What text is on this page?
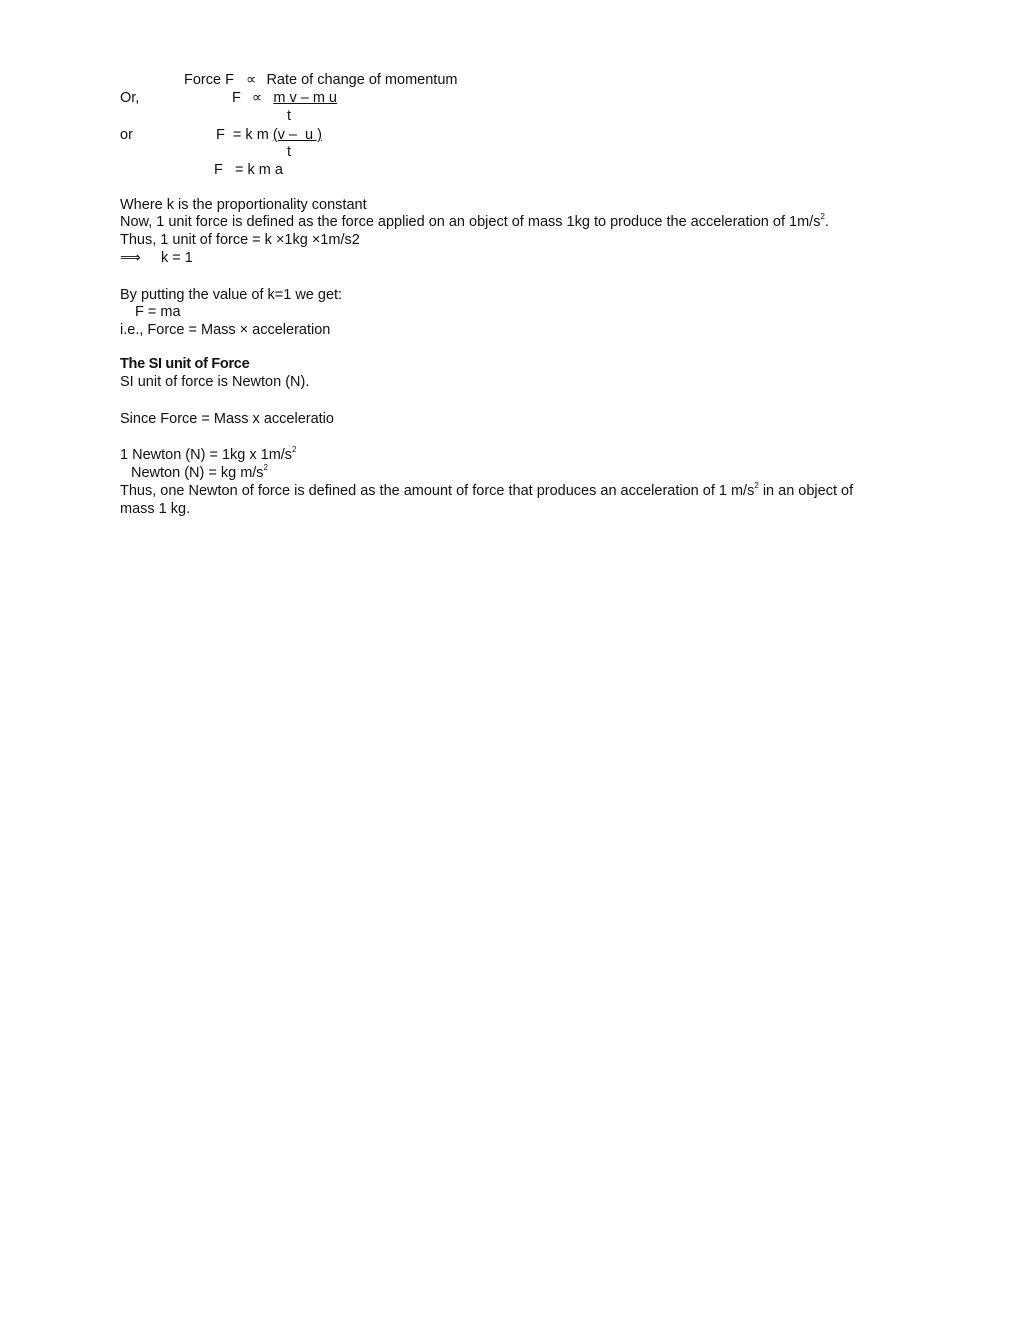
Force F ∝ Rate of change of momentum
Or,	F ∝ m v – m u
t
or	F  = k m (v –  u )
t
F   = k m a
Where k is the proportionality constant
Now, 1 unit force is defined as the force applied on an object of mass 1kg to produce the acceleration of $1m/s^2$.
Thus, 1 unit of force = k ×1kg ×1m/s2
⟹ k = 1
By putting the value of k=1 we get:
F = ma
i.e., Force = Mass × acceleration
The SI unit of Force
SI unit of force is Newton (N).
Since Force = Mass x acceleratio
1 Newton (N) = 1kg x $1m/s^2$
Newton (N) = kg $m/s^2$
Thus, one Newton of force is defined as the amount of force that produces an acceleration of 1 $m/s^2$ in an object of
mass 1 kg.
